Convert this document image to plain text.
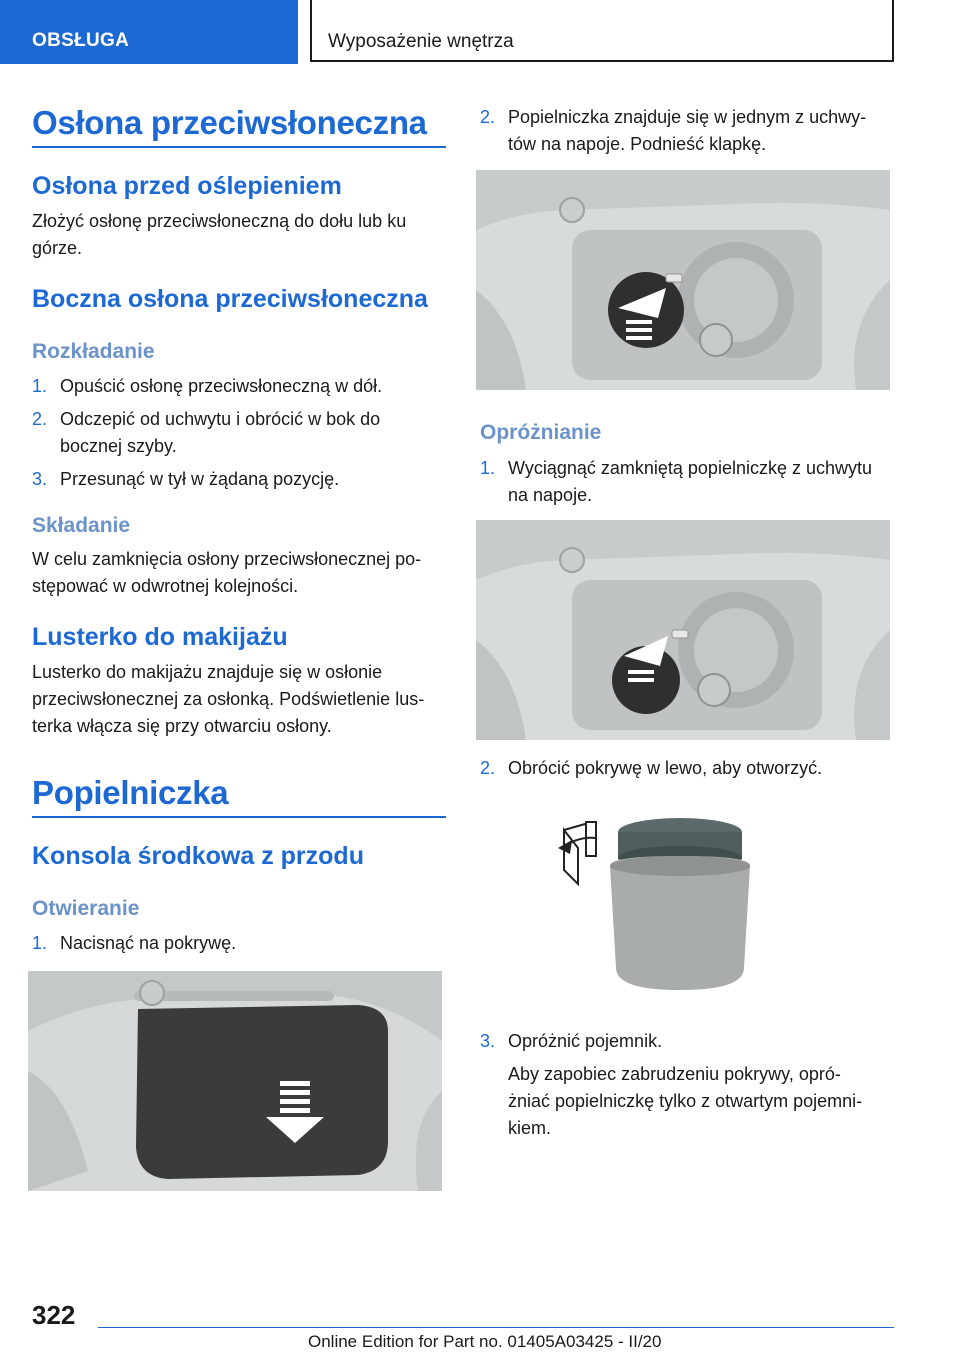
OBSŁUGA	Wyposażenie wnętrza
Osłona przeciwsłoneczna
Osłona przed oślepieniem
Złożyć osłonę przeciwsłoneczną do dołu lub ku
górze.
Boczna osłona przeciwsłoneczna
Rozkładanie
1. Opuścić osłonę przeciwsłoneczną w dół.
2. Odczepić od uchwytu i obrócić w bok do
bocznej szyby.
3. Przesunąć w tył w żądaną pozycję.
Składanie
W celu zamknięcia osłony przeciwsłonecznej po-
stępować w odwrotnej kolejności.
Lusterko do makijażu
Lusterko do makijażu znajduje się w osłonie
przeciwsłonecznej za osłonką. Podświetlenie lus-
terka włącza się przy otwarciu osłony.
Popielniczka
Konsola środkowa z przodu
Otwieranie
1. Nacisnąć na pokrywę.
2. Popielniczka znajduje się w jednym z uchwy-
tów na napoje. Podnieść klapkę.
Opróżnianie
1. Wyciągnąć zamkniętą popielniczkę z uchwytu
na napoje.
2. Obrócić pokrywę w lewo, aby otworzyć.
3. Opróżnić pojemnik.
Aby zapobiec zabrudzeniu pokrywy, opró-
żniać popielniczkę tylko z otwartym pojemni-
kiem.
322
Online Edition for Part no. 01405A03425 - II/20
